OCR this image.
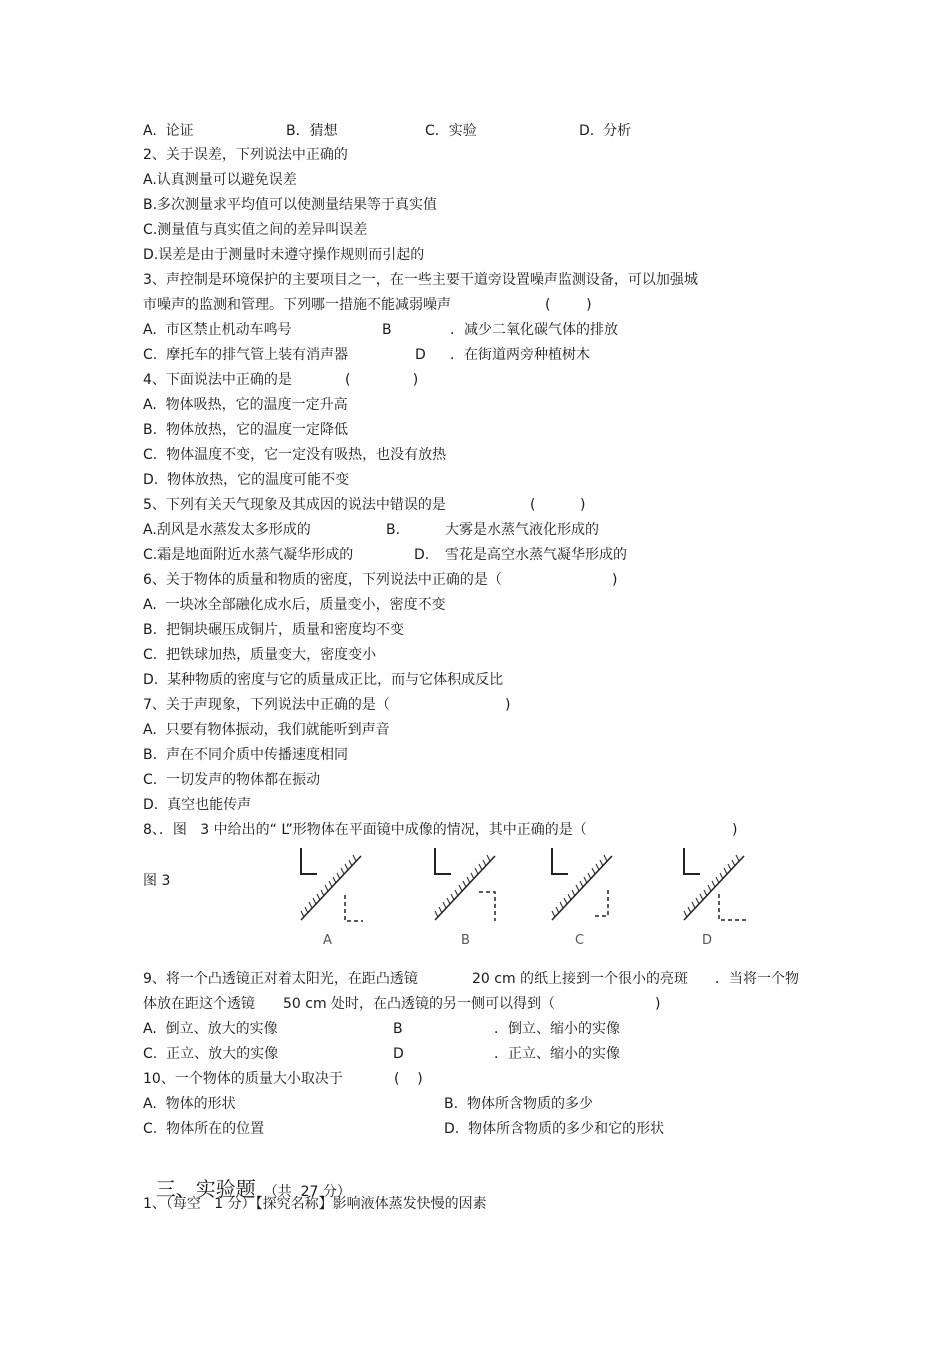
A.  论证	B．猜想	C．实验	D.  分析
2、关于误差，下列说法中正确的
A.认真测量可以避免误差
B.多次测量求平均值可以使测量结果等于真实值
C.测量值与真实值之间的差异叫误差
D.误差是由于测量时未遵守操作规则而引起的
3、声控制是环境保护的主要项目之一，在一些主要干道旁设置噪声监测设备，可以加强城
市噪声的监测和管理。下列哪一措施不能减弱噪声	(        )
A.  市区禁止机动车鸣号	B	．减少二氧化碳气体的排放
C.  摩托车的排气管上装有消声器	D ．在街道两旁种植树木
4、下面说法中正确的是	(              )
A.  物体吸热，它的温度一定升高
B.  物体放热，它的温度一定降低
C.  物体温度不变，它一定没有吸热，也没有放热
D.  物体放热，它的温度可能不变
5、下列有关天气现象及其成因的说法中错误的是	(          )
A.刮风是水蒸发太多形成的	B.	大雾是水蒸气液化形成的
C.霜是地面附近水蒸气凝华形成的	D. 雪花是高空水蒸气凝华形成的
6、关于物体的质量和物质的密度，下列说法中正确的是（	)
A.  一块冰全部融化成水后，质量变小，密度不变
B.  把铜块碾压成铜片，质量和密度均不变
C.  把铁球加热，质量变大，密度变小
D.  某种物质的密度与它的质量成正比，而与它体积成反比
7、关于声现象，下列说法中正确的是（	)
A.  只要有物体振动，我们就能听到声音
B.  声在不同介质中传播速度相同
C.  一切发声的物体都在振动
D.  真空也能传声
8、．图   3 中给出的“ L”形物体在平面镜中成像的情况，其中正确的是（	)
图 3
A	B	C	D
9、将一个凸透镜正对着太阳光，在距凸透镜	20 cm 的纸上接到一个很小的亮斑 ．当将一个物
体放在距这个透镜 50 cm 处时，在凸透镜的另一侧可以得到（	)
A.  倒立、放大的实像	B	．倒立、缩小的实像
C.  正立、放大的实像	D	．正立、缩小的实像
10、一个物体的质量大小取决于	(    )
A.  物体的形状	B.  物体所含物质的多少
C.  物体所在的位置	D.  物体所含物质的多少和它的形状

三、实验题 （共  27 分）

1、（每空   1 分）【探究名称】影响液体蒸发快慢的因素
